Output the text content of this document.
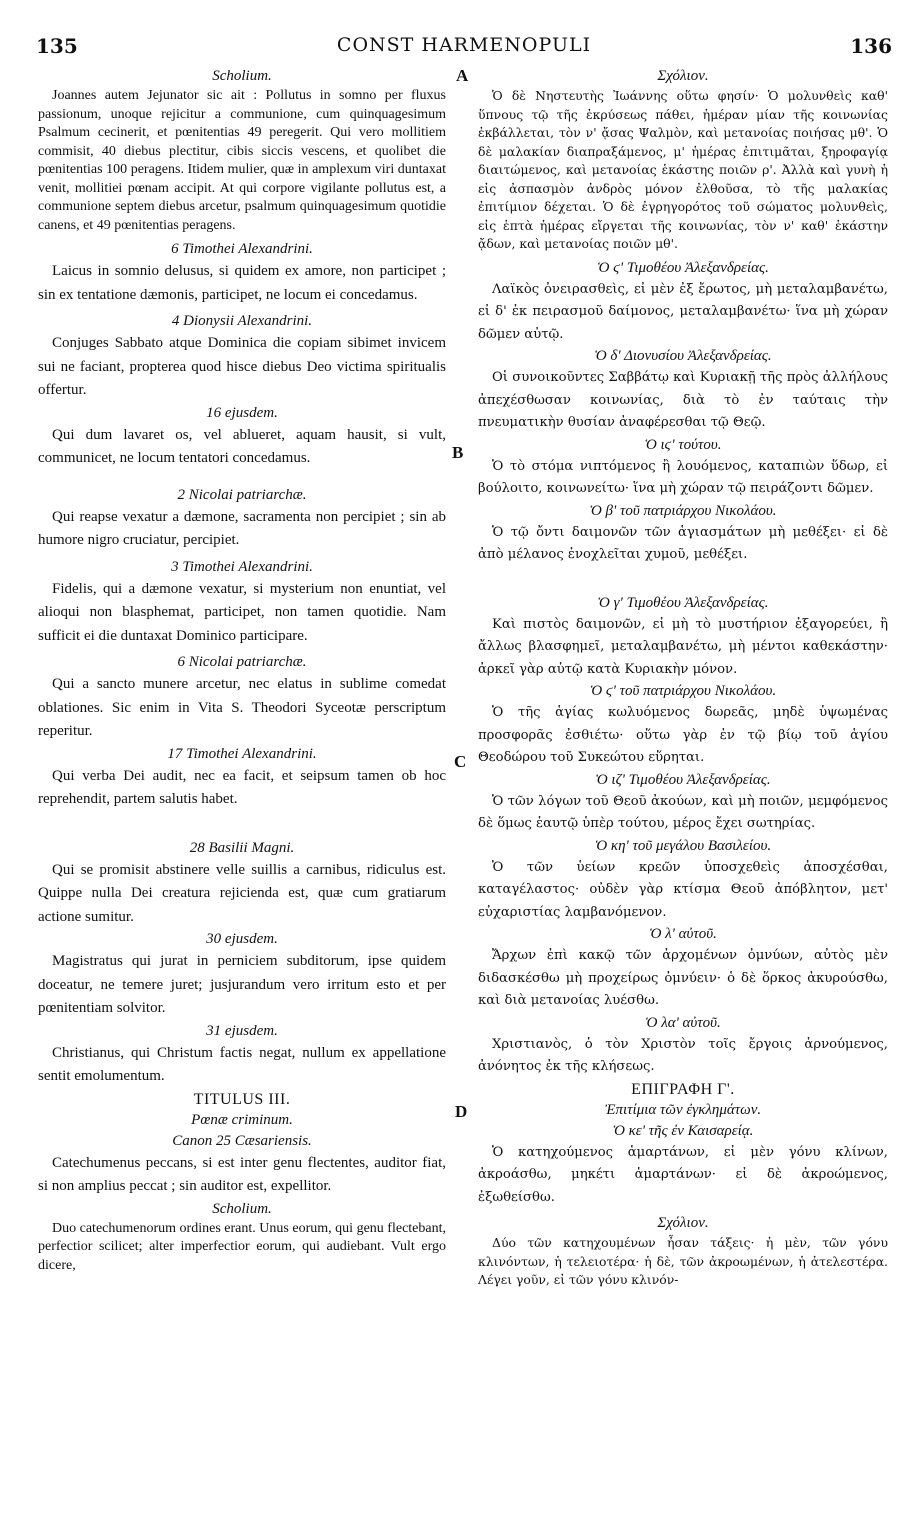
135	CONST HARMENOPULI	136
A
B
C
D

Scholium.

Joannes autem Jejunator sic ait : Pollutus in somno per fluxus passionum, unoque rejicitur a communione, cum quinquagesimum Psalmum cecinerit, et pœnitentias 49 peregerit. Qui vero mollitiem commisit, 40 diebus plectitur, cibis siccis vescens, et quolibet die pœnitentias 100 peragens. Itidem mulier, quæ in amplexum viri duntaxat venit, mollitiei pœnam accipit. At qui corpore vigilante pollutus est, a communione septem diebus arcetur, psalmum quinquagesimum quotidie canens, et 49 pœnitentias peragens.

6 Timothei Alexandrini.

Laicus in somnio delusus, si quidem ex amore, non participet ; sin ex tentatione dæmonis, participet, ne locum ei concedamus.

4 Dionysii Alexandrini.

Conjuges Sabbato atque Dominica die copiam sibimet invicem sui ne faciant, propterea quod hisce diebus Deo victima spiritualis offertur.

16 ejusdem.

Qui dum lavaret os, vel ablueret, aquam hausit, si vult, communicet, ne locum tentatori concedamus.

2 Nicolai patriarchæ.

Qui reapse vexatur a dæmone, sacramenta non percipiet ; sin ab humore nigro cruciatur, percipiet.

3 Timothei Alexandrini.

Fidelis, qui a dæmone vexatur, si mysterium non enuntiat, vel alioqui non blasphemat, participet, non tamen quotidie. Nam sufficit ei die duntaxat Dominico participare.

6 Nicolai patriarchæ.

Qui a sancto munere arcetur, nec elatus in sublime comedat oblationes. Sic enim in Vita S. Theodori Syceotæ perscriptum reperitur.

17 Timothei Alexandrini.

Qui verba Dei audit, nec ea facit, et seipsum tamen ob hoc reprehendit, partem salutis habet.

28 Basilii Magni.

Qui se promisit abstinere velle suillis a carnibus, ridiculus est. Quippe nulla Dei creatura rejicienda est, quæ cum gratiarum actione sumitur.

30 ejusdem.

Magistratus qui jurat in perniciem subditorum, ipse quidem doceatur, ne temere juret; jusjurandum vero irritum esto et per pœnitentiam solvitor.

31 ejusdem.

Christianus, qui Christum factis negat, nullum ex appellatione sentit emolumentum.

TITULUS III.

Pœnæ criminum.

Canon 25 Cæsariensis.

Catechumenus peccans, si est inter genu flectentes, auditor fiat, si non amplius peccat ; sin auditor est, expellitor.

Scholium.

Duo catechumenorum ordines erant. Unus eorum, qui genu flectebant, perfectior scilicet; alter imperfectior eorum, qui audiebant. Vult ergo dicere,

Σχόλιον.

Ὁ δὲ Νηστευτὴς Ἰωάννης οὕτω φησίν· Ὁ μολυνθεὶς καθ' ὕπνους τῷ τῆς ἐκρύσεως πάθει, ἡμέραν μίαν τῆς κοινωνίας ἐκβάλλεται, τὸν ν' ᾄσας Ψαλμὸν, καὶ μετανοίας ποιήσας μθ'. Ὁ δὲ μαλακίαν διαπραξάμενος, μ' ἡμέρας ἐπιτιμᾶται, ξηροφαγίᾳ διαιτώμενος, καὶ μετανοίας ἑκάστης ποιῶν ρ'. Ἀλλὰ καὶ γυνὴ ἡ εἰς ἀσπασμὸν ἀνδρὸς μόνον ἐλθοῦσα, τὸ τῆς μαλακίας ἐπιτίμιον δέχεται. Ὁ δὲ ἐγρηγορότος τοῦ σώματος μολυνθεὶς, εἰς ἑπτὰ ἡμέρας εἴργεται τῆς κοινωνίας, τὸν ν' καθ' ἑκάστην ᾄδων, καὶ μετανοίας ποιῶν μθ'.

Ὁ ϛ' Τιμοθέου Ἀλεξανδρείας.

Λαϊκὸς ὀνειρασθεὶς, εἰ μὲν ἐξ ἔρωτος, μὴ μεταλαμβανέτω, εἰ δ' ἐκ πειρασμοῦ δαίμονος, μεταλαμβανέτω· ἵνα μὴ χώραν δῶμεν αὐτῷ.

Ὁ δ' Διονυσίου Ἀλεξανδρείας.

Οἱ συνοικοῦντες Σαββάτῳ καὶ Κυριακῇ τῆς πρὸς ἀλλήλους ἀπεχέσθωσαν κοινωνίας, διὰ τὸ ἐν ταύταις τὴν πνευματικὴν θυσίαν ἀναφέρεσθαι τῷ Θεῷ.

Ὁ ιϛ' τούτου.

Ὁ τὸ στόμα νιπτόμενος ἢ λουόμενος, καταπιὼν ὕδωρ, εἰ βούλοιτο, κοινωνείτω· ἵνα μὴ χώραν τῷ πειράζοντι δῶμεν.

Ὁ β' τοῦ πατριάρχου Νικολάου.

Ὁ τῷ ὄντι δαιμονῶν τῶν ἁγιασμάτων μὴ μεθέξει· εἰ δὲ ἀπὸ μέλανος ἐνοχλεῖται χυμοῦ, μεθέξει.

Ὁ γ' Τιμοθέου Ἀλεξανδρείας.

Καὶ πιστὸς δαιμονῶν, εἰ μὴ τὸ μυστήριον ἐξαγορεύει, ἢ ἄλλως βλασφημεῖ, μεταλαμβανέτω, μὴ μέντοι καθεκάστην· ἀρκεῖ γὰρ αὐτῷ κατὰ Κυριακὴν μόνον.

Ὁ ϛ' τοῦ πατριάρχου Νικολάου.

Ὁ τῆς ἁγίας κωλυόμενος δωρεᾶς, μηδὲ ὑψωμένας προσφορᾶς ἐσθιέτω· οὕτω γὰρ ἐν τῷ βίῳ τοῦ ἁγίου Θεοδώρου τοῦ Συκεώτου εὕρηται.

Ὁ ιζ' Τιμοθέου Ἀλεξανδρείας.

Ὁ τῶν λόγων τοῦ Θεοῦ ἀκούων, καὶ μὴ ποιῶν, μεμφόμενος δὲ ὅμως ἑαυτῷ ὑπὲρ τούτου, μέρος ἔχει σωτηρίας.

Ὁ κη' τοῦ μεγάλου Βασιλείου.

Ὁ τῶν ὑείων κρεῶν ὑποσχεθεὶς ἀποσχέσθαι, καταγέλαστος· οὐδὲν γὰρ κτίσμα Θεοῦ ἀπόβλητον, μετ' εὐχαριστίας λαμβανόμενον.

Ὁ λ' αὐτοῦ.

Ἄρχων ἐπὶ κακῷ τῶν ἀρχομένων ὀμνύων, αὐτὸς μὲν διδασκέσθω μὴ προχείρως ὀμνύειν· ὁ δὲ ὅρκος ἀκυρούσθω, καὶ διὰ μετανοίας λυέσθω.

Ὁ λα' αὐτοῦ.

Χριστιανὸς, ὁ τὸν Χριστὸν τοῖς ἔργοις ἀρνούμενος, ἀνόνητος ἐκ τῆς κλήσεως.

ΕΠΙΓΡΑΦΗ Γ'.

Ἐπιτίμια τῶν ἐγκλημάτων.

Ὁ κε' τῆς ἐν Καισαρείᾳ.

Ὁ κατηχούμενος ἁμαρτάνων, εἰ μὲν γόνυ κλίνων, ἀκροάσθω, μηκέτι ἁμαρτάνων· εἰ δὲ ἀκροώμενος, ἐξωθείσθω.

Σχόλιον.

Δύο τῶν κατηχουμένων ἦσαν τάξεις· ἡ μὲν, τῶν γόνυ κλινόντων, ἡ τελειοτέρα· ἡ δὲ, τῶν ἀκροωμένων, ἡ ἀτελεστέρα. Λέγει γοῦν, εἰ τῶν γόνυ κλινόν-
